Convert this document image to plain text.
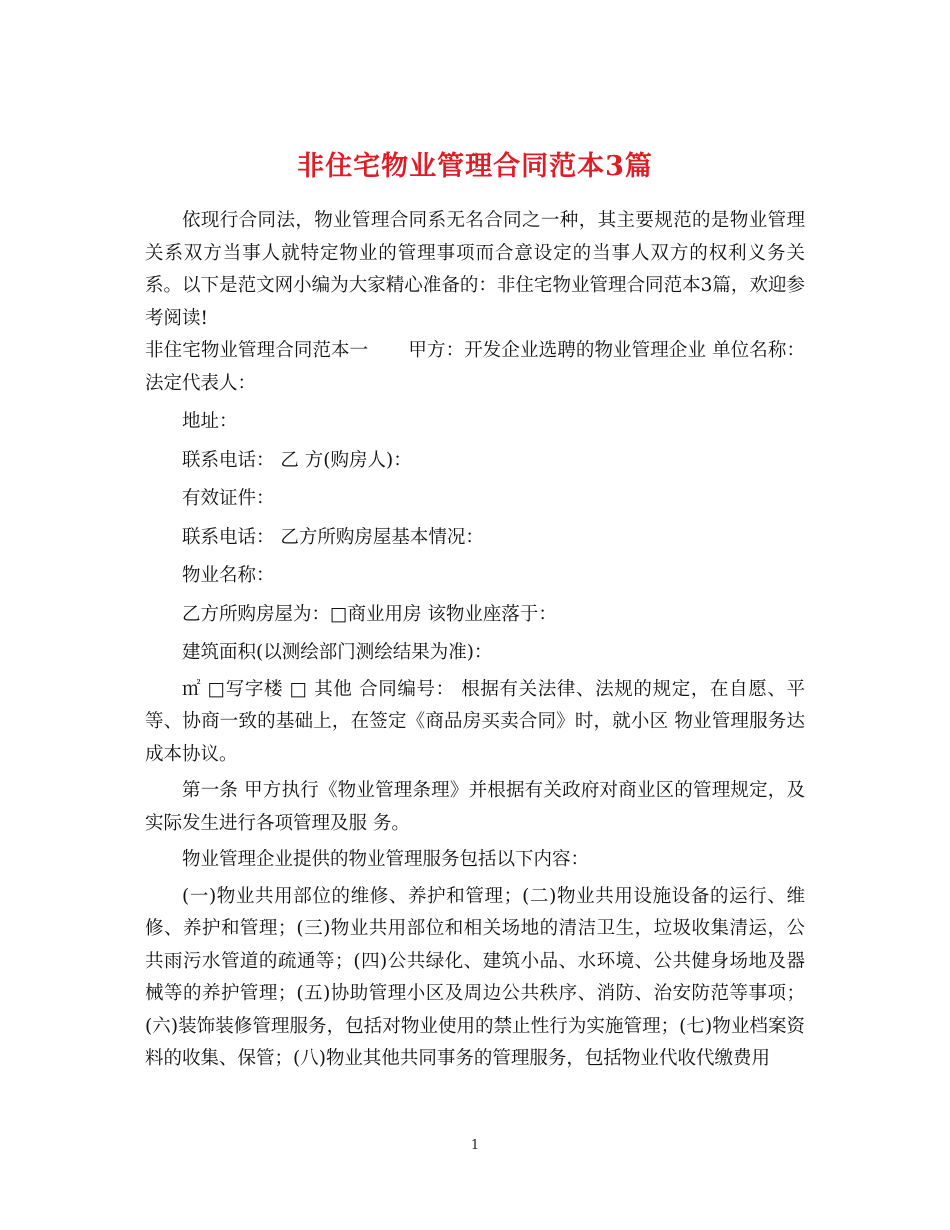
非住宅物业管理合同范本3篇

依现行合同法，物业管理合同系无名合同之一种，其主要规范的是物业管理关系双方当事人就特定物业的管理事项而合意设定的当事人双方的权利义务关系。以下是范文网小编为大家精心准备的：非住宅物业管理合同范本3篇，欢迎参考阅读!

非住宅物业管理合同范本一 甲方：开发企业选聘的物业管理企业 单位名称：法定代表人：

地址：

联系电话： 乙 方(购房人)：

有效证件：

联系电话： 乙方所购房屋基本情况：

物业名称：

乙方所购房屋为：□商业用房 该物业座落于：

建筑面积(以测绘部门测绘结果为准)：

㎡ □写字楼 □ 其他 合同编号： 根据有关法律、法规的规定，在自愿、平等、协商一致的基础上，在签定《商品房买卖合同》时，就小区 物业管理服务达成本协议。

第一条 甲方执行《物业管理条理》并根据有关政府对商业区的管理规定，及实际发生进行各项管理及服 务。

物业管理企业提供的物业管理服务包括以下内容：

(一)物业共用部位的维修、养护和管理；(二)物业共用设施设备的运行、维修、养护和管理；(三)物业共用部位和相关场地的清洁卫生，垃圾收集清运，公共雨污水管道的疏通等；(四)公共绿化、建筑小品、水环境、公共健身场地及器械等的养护管理；(五)协助管理小区及周边公共秩序、消防、治安防范等事项；(六)装饰装修管理服务，包括对物业使用的禁止性行为实施管理；(七)物业档案资料的收集、保管；(八)物业其他共同事务的管理服务，包括物业代收代缴费用

1
